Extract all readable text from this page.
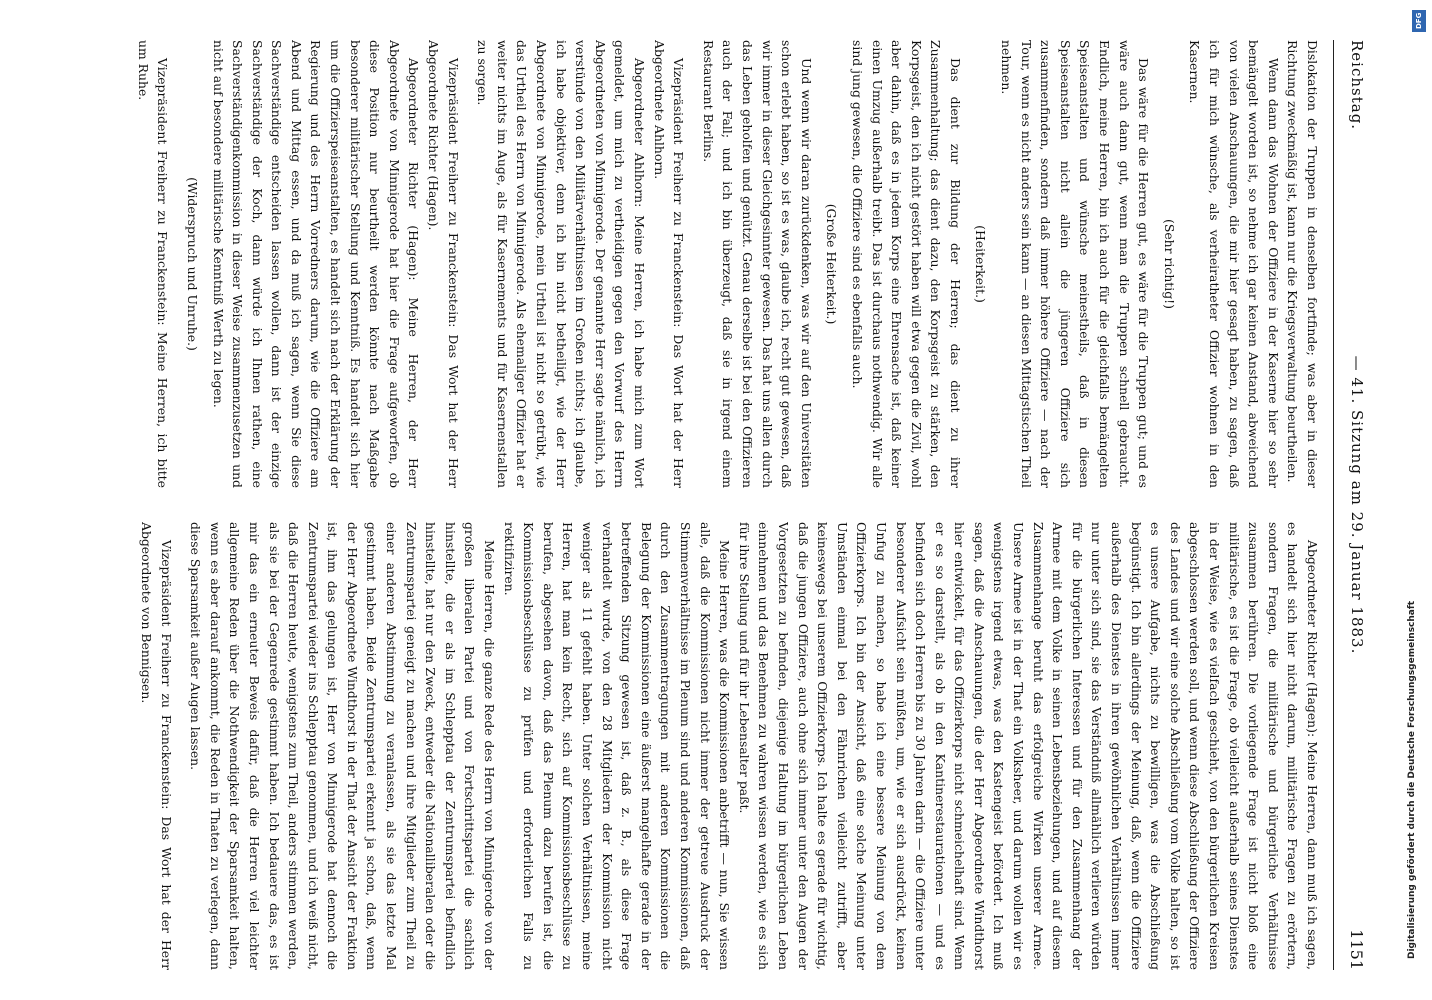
Reichstag.
— 41. Sitzung am 29. Januar 1883.
1151

Dislokation der Truppen in denselben fortfinde; was aber in dieser Richtung zweckmäßig ist, kann nur die Kriegsverwaltung beurtheilen.

Wenn dann das Wohnen der Offiziere in der Kaserne hier so sehr bemängelt worden ist, so nehme ich gar keinen Anstand, abweichend von vielen Anschauungen, die mir hier gesagt haben, zu sagen, daß ich für mich wünsche, als verheiratheter Offizier wohnen in den Kasernen.

(Sehr richtig!)

Das wäre für die Herren gut, es wäre für die Truppen gut; und es wäre auch dann gut, wenn man die Truppen schnell gebraucht. Endlich, meine Herren, bin ich auch für die gleichfalls bemängelten Speiseanstalten und wünsche meinestheils, daß in diesen Speiseanstalten nicht allein die jüngeren Offiziere sich zusammenfinden, sondern daß immer höhere Offiziere — nach der Tour, wenn es nicht anders sein kann — an diesen Mittagstischen Theil nehmen.

(Heiterkeit.)

Das dient zur Bildung der Herren; das dient zu ihrer Zusammenhaltung; das dient dazu, den Korpsgeist zu stärken, den Korpsgeist, den ich nicht gestört haben will etwa gegen die Zivil, wohl aber dahin, daß es in jedem Korps eine Ehrensache ist, daß keiner einen Umzug außerhalb treibt. Das ist durchaus nothwendig. Wir alle sind jung gewesen, die Offiziere sind es ebenfalls auch.

(Große Heiterkeit.)

Und wenn wir daran zurückdenken, was wir auf den Universitäten schon erlebt haben, so ist es was, glaube ich, recht gut gewesen, daß wir immer in dieser Gleichgesinnter gewesen. Das hat uns allen durch das Leben geholfen und genützt. Genau derselbe ist bei den Offizieren auch der Fall; und ich bin überzeugt, daß sie in irgend einem Restaurant Berlins.

Vizepräsident Freiherr zu Franckenstein: Das Wort hat der Herr Abgeordnete Ahlhorn.

Abgeordneter Ahlhorn: Meine Herren, ich habe mich zum Wort gemeldet, um mich zu vertheidigen gegen den Vorwurf des Herrn Abgeordneten von Minnigerode. Der genannte Herr sagte nämlich, ich verstünde von den Militärverhältnissen im Großen nichts; ich glaube, ich habe objektiver, denn ich bin nicht betheiligt, wie der Herr Abgeordnete von Minnigerode, mein Urtheil ist nicht so getrübt, wie das Urtheil des Herrn von Minnigerode. Als ehemaliger Offizier hat er weiter nichts im Auge, als für Kasernements und für Kasernenstallen zu sorgen.

Vizepräsident Freiherr zu Franckenstein: Das Wort hat der Herr Abgeordnete Richter (Hagen).

Abgeordneter Richter (Hagen): Meine Herren, der Herr Abgeordnete von Minnigerode hat hier die Frage aufgeworfen, ob diese Position nur beurtheilt werden könnte nach Maßgabe besonderer militärischer Stellung und Kenntniß. Es handelt sich hier um die Offizierspeiseanstalten, es handelt sich nach der Erklärung der Regierung und des Herrn Vorredners darum, wie die Offiziere am Abend und Mittag essen, und da muß ich sagen, wenn Sie diese Sachverständige entscheiden lassen wollen, dann ist der einzige Sachverständige der Koch, dann würde ich Ihnen rathen, eine Sachverständigenkommission in dieser Weise zusammenzusetzen und nicht auf besondere militärische Kenntniß Werth zu legen.

(Widerspruch und Unruhe.)

Vizepräsident Freiherr zu Franckenstein: Meine Herren, ich bitte um Ruhe.

Abgeordneter Richter (Hagen): Meine Herren, dann muß ich sagen, es handelt sich hier nicht darum, militärische Fragen zu erörtern, sondern Fragen, die militärische und bürgerliche Verhältnisse zusammen berühren. Die vorliegende Frage ist nicht bloß eine militärische, es ist die Frage, ob vielleicht außerhalb seines Dienstes in der Weise, wie es vielfach geschieht, von den bürgerlichen Kreisen abgeschlossen werden soll, und wenn diese Abschließung der Offiziere des Landes und wir eine solche Abschließung vom Volke halten, so ist es unsere Aufgabe, nichts zu bewilligen, was die Abschließung begünstigt. Ich bin allerdings der Meinung, daß, wenn die Offiziere außerhalb des Dienstes in ihren gewöhnlichen Verhältnissen immer nur unter sich sind, sie das Verständniß allmählich verlieren würden für die bürgerlichen Interessen und für den Zusammenhang der Armee mit dem Volke in seinen Lebensbeziehungen, und auf diesem Zusammenhange beruht das erfolgreiche Wirken unserer Armee. Unsere Armee ist in der That ein Volksheer, und darum wollen wir es wenigstens irgend etwas, was den Kastengeist befördert. Ich muß sagen, daß die Anschauungen, die der Herr Abgeordnete Windthorst hier entwickelt, für das Offizierkorps nicht schmeichelhaft sind. Wenn er es so darstellt, als ob in den Kantinerestaurationen — und es befinden sich doch Herren bis zu 30 Jahren darin — die Offiziere unter besonderer Aufsicht sein müßten, um, wie er sich ausdrückt, keinen Unfug zu machen, so habe ich eine bessere Meinung von dem Offizierkorps. Ich bin der Ansicht, daß eine solche Meinung unter Umständen einmal bei den Fähnrichen vielleicht zutrifft, aber keineswegs bei unserem Offizierkorps. Ich halte es gerade für wichtig, daß die jungen Offiziere, auch ohne sich immer unter den Augen der Vorgesetzten zu befinden, diejenige Haltung im bürgerlichen Leben einnehmen und das Benehmen zu wahren wissen werden, wie es sich für ihre Stellung und für ihr Lebensalter paßt.

Meine Herren, was die Kommissionen anbetrifft — nun, Sie wissen alle, daß die Kommissionen nicht immer der getreue Ausdruck der Stimmenverhältnisse im Plenum sind und anderen Kommissionen, daß durch den Zusammentragungen mit anderen Kommissionen die Belegung der Kommissionen eine äußerst mangelhafte gerade in der betreffenden Sitzung gewesen ist, daß z. B., als diese Frage verhandelt wurde, von den 28 Mitgliedern der Kommission nicht weniger als 11 gefehlt haben. Unter solchen Verhältnissen, meine Herren, hat man kein Recht, sich auf Kommissionsbeschlüsse zu berufen, abgesehen davon, daß das Plenum dazu berufen ist, die Kommissionsbeschlüsse zu prüfen und erforderlichen Falls zu rektifiziren.

Meine Herren, die ganze Rede des Herrn von Minnigerode von der großen liberalen Partei und von Fortschrittspartei die sachlich hinstellte, die er als im Schlepptau der Zentrumspartei befindlich hinstellte, hat nur den Zweck, entweder die Nationalliberalen oder die Zentrumspartei geneigt zu machen und ihre Mitglieder zum Theil zu einer anderen Abstimmung zu veranlassen, als sie das letzte Mal gestimmt haben. Beide Zentrumspartei erkennt ja schon, daß, wenn der Herr Abgeordnete Windthorst in der That der Ansicht der Fraktion ist, ihm das gelungen ist, Herr von Minnigerode hat dennoch die Zentrumspartei wieder ins Schlepptau genommen, und ich weiß nicht, daß die Herren heute, wenigstens zum Theil, anders stimmen werden, als sie bei der Gegenrede gestimmt haben. Ich bedauere das, es ist mir das ein erneuter Beweis dafür, daß die Herren viel leichter allgemeine Reden über die Nothwendigkeit der Sparsamkeit halten, wenn es aber darauf ankommt, die Reden in Thaten zu verlegen, dann diese Sparsamkeit außer Augen lassen.

Vizepräsident Freiherr zu Franckenstein: Das Wort hat der Herr Abgeordnete von Bennigsen.

DFG
Digitalisierung gefördert durch die Deutsche Forschungsgemeinschaft
